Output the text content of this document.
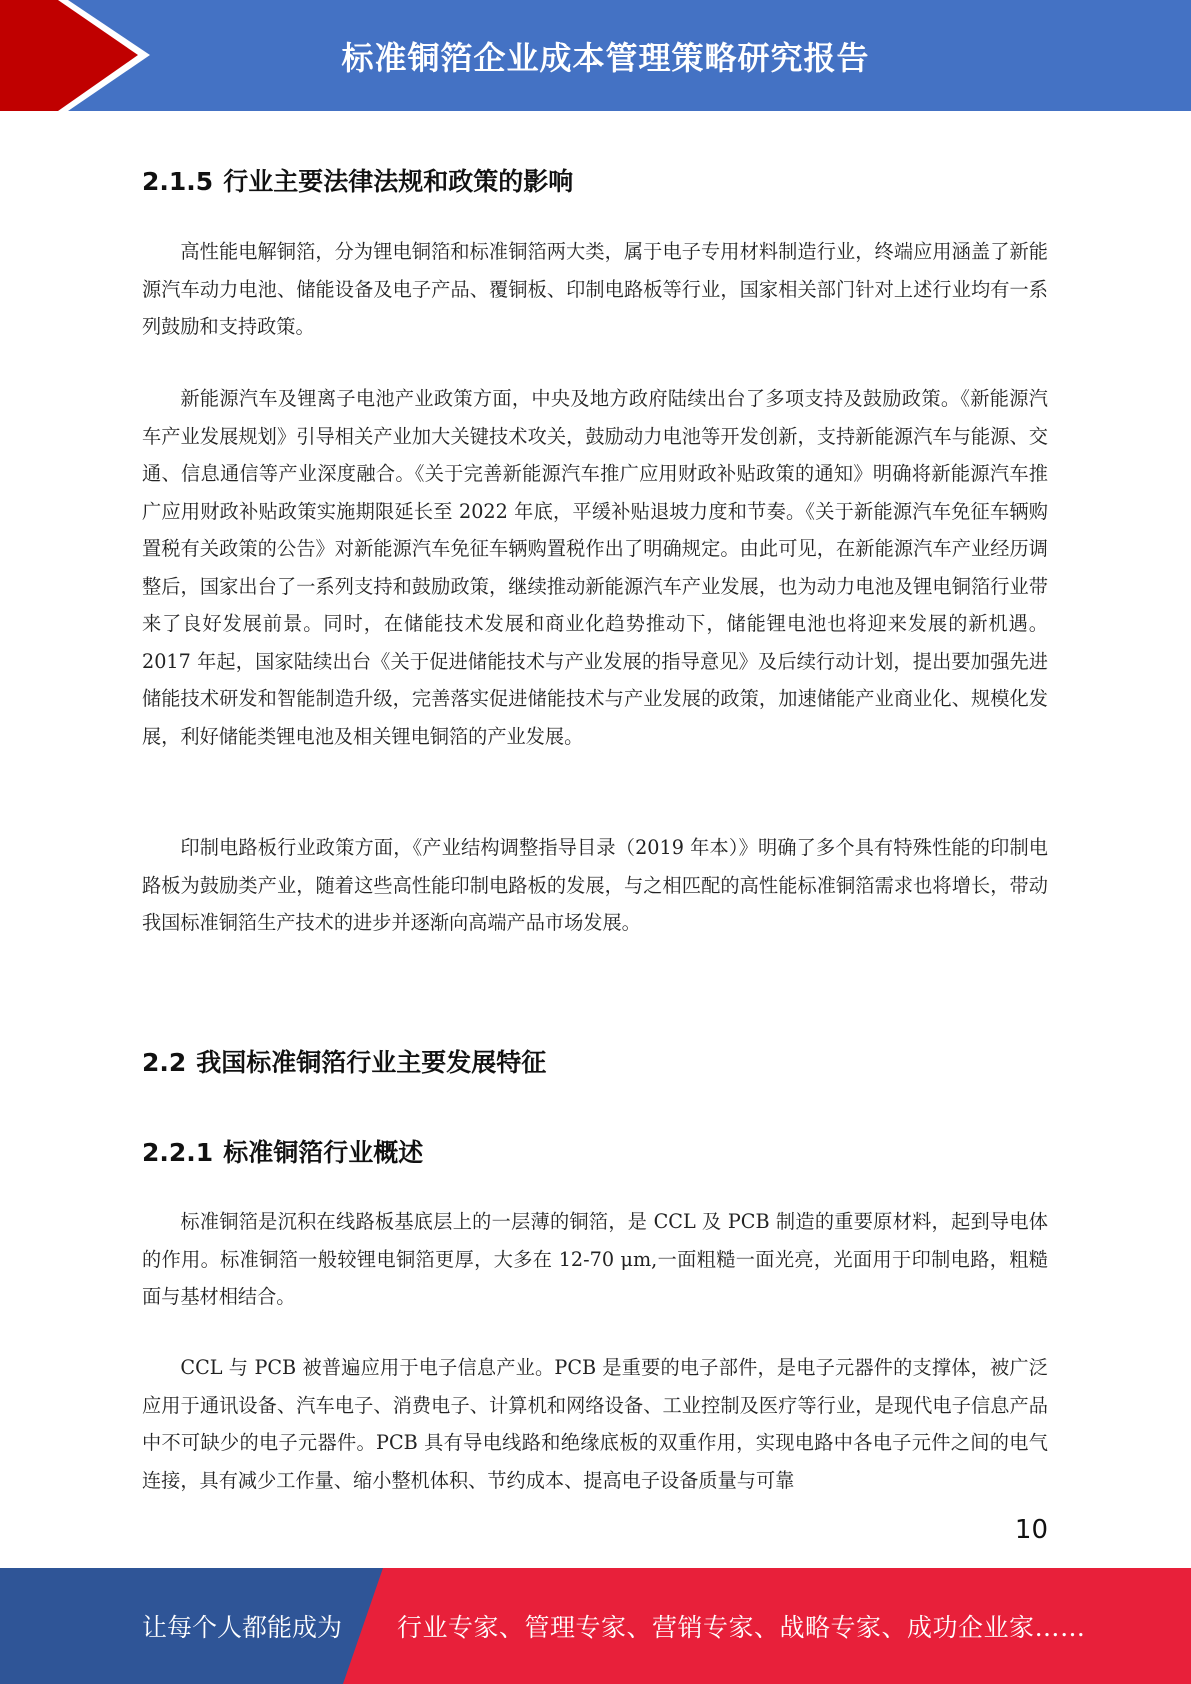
标准铜箔企业成本管理策略研究报告
2.1.5 行业主要法律法规和政策的影响

高性能电解铜箔，分为锂电铜箔和标准铜箔两大类，属于电子专用材料制造行业，终端应用涵盖了新能源汽车动力电池、储能设备及电子产品、覆铜板、印制电路板等行业，国家相关部门针对上述行业均有一系列鼓励和支持政策。

新能源汽车及锂离子电池产业政策方面，中央及地方政府陆续出台了多项支持及鼓励政策。《新能源汽车产业发展规划》引导相关产业加大关键技术攻关，鼓励动力电池等开发创新，支持新能源汽车与能源、交通、信息通信等产业深度融合。《关于完善新能源汽车推广应用财政补贴政策的通知》明确将新能源汽车推广应用财政补贴政策实施期限延长至 2022 年底，平缓补贴退坡力度和节奏。《关于新能源汽车免征车辆购置税有关政策的公告》对新能源汽车免征车辆购置税作出了明确规定。由此可见，在新能源汽车产业经历调整后，国家出台了一系列支持和鼓励政策，继续推动新能源汽车产业发展，也为动力电池及锂电铜箔行业带来了良好发展前景。同时，在储能技术发展和商业化趋势推动下，储能锂电池也将迎来发展的新机遇。2017 年起，国家陆续出台《关于促进储能技术与产业发展的指导意见》及后续行动计划，提出要加强先进储能技术研发和智能制造升级，完善落实促进储能技术与产业发展的政策，加速储能产业商业化、规模化发展，利好储能类锂电池及相关锂电铜箔的产业发展。

印制电路板行业政策方面，《产业结构调整指导目录（2019 年本）》明确了多个具有特殊性能的印制电路板为鼓励类产业，随着这些高性能印制电路板的发展，与之相匹配的高性能标准铜箔需求也将增长，带动我国标准铜箔生产技术的进步并逐渐向高端产品市场发展。

2.2 我国标准铜箔行业主要发展特征
2.2.1 标准铜箔行业概述

标准铜箔是沉积在线路板基底层上的一层薄的铜箔，是 CCL 及 PCB 制造的重要原材料，起到导电体的作用。标准铜箔一般较锂电铜箔更厚，大多在 12-70 μm,一面粗糙一面光亮，光面用于印制电路，粗糙面与基材相结合。

CCL 与 PCB 被普遍应用于电子信息产业。PCB 是重要的电子部件，是电子元器件的支撑体，被广泛应用于通讯设备、汽车电子、消费电子、计算机和网络设备、工业控制及医疗等行业，是现代电子信息产品中不可缺少的电子元器件。PCB 具有导电线路和绝缘底板的双重作用，实现电路中各电子元件之间的电气连接，具有减少工作量、缩小整机体积、节约成本、提高电子设备质量与可靠

10
让每个人都能成为 行业专家、管理专家、营销专家、战略专家、成功企业家……
